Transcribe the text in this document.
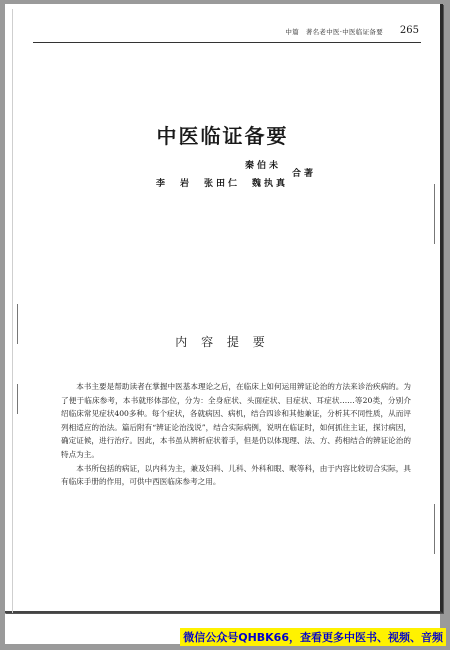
中篇　著名老中医·中医临证备要 265
中医临证备要
秦伯未
李　岩　张田仁　魏执真
合著
内 容 提 要

本书主要是帮助读者在掌握中医基本理论之后，在临床上如何运用辨证论治的方法来诊治疾病的。为了便于临床参考，本书就形体部位，分为：全身症状、头面症状、目症状、耳症状……等20类，分别介绍临床常见症状400多种。每个症状，各就病因、病机，结合四诊和其他兼证，分析其不同性质，从而评列相适应的治法。篇后附有“辨证论治浅说”，结合实际病例，说明在临证时，如何抓住主证，探讨病因，确定证候，进行治疗。因此，本书虽从辨析症状着手，但是仍以体现理、法、方、药相结合的辨证论治的特点为主。

本书所包括的病证，以内科为主，兼及妇科、儿科、外科和眼、喉等科，由于内容比较切合实际，具有临床手册的作用，可供中西医临床参考之用。

微信公众号QHBK66，查看更多中医书、视频、音频
